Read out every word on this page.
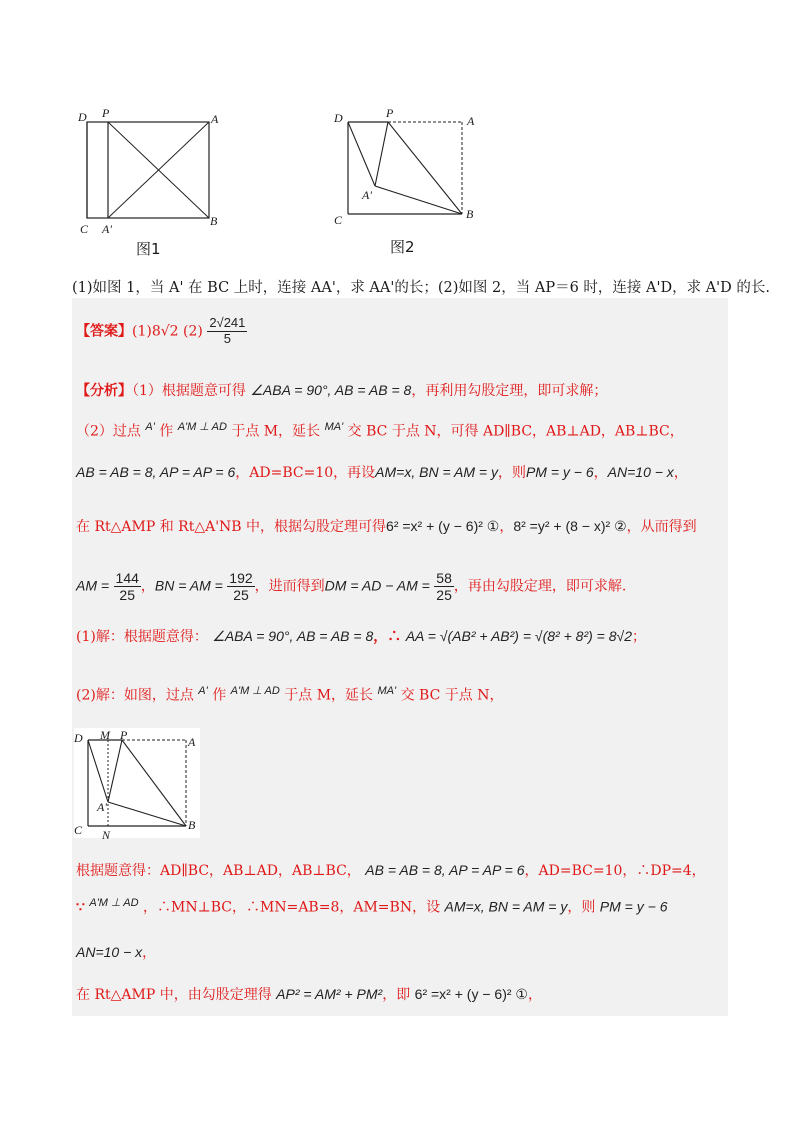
D P	A
C A'
B
图1
D	P
A
A'
C	B
图2
(1)如图 1，当 A' 在 BC 上时，连接 AA'，求 AA'的长；(2)如图 2，当 AP＝6 时，连接 A'D，求 A'D 的长.
【答案】(1)8√2 $(2) \frac{2√241}{5}$
【分析】（1）根据题意可得 ∠ABA = 90°, AB = AB = 8，再利用勾股定理，即可求解；
（2）过点 $^{A'}$ 作 $^{A'M \perp AD}$ 于点 M，延长 $^{MA'}$ 交 BC 于点 N，可得 AD∥BC，AB⊥AD，AB⊥BC，
AB = AB = 8, AP = AP = 6，AD=BC=10，再设AM=x, BN = AM = y，则PM = y − 6，AN=10 − x，
在 Rt△AMP 和 Rt△A'NB 中，根据勾股定理可得6² =x² + (y − 6)² ①，8² =y² + (8 − x)² ②，从而得到
AM = $\frac{144}{25}$ ，BN = AM = $\frac{192}{25}$ ，进而得到DM = AD − AM = $\frac{58}{25}$ ，再由勾股定理，即可求解.
(1)解：根据题意得： ∠ABA = 90°, AB = AB = 8，∴ AA = √(AB² + AB²) = √(8² + 8²) = 8√2；
(2)解：如图，过点 $^{A'}$ 作 $^{A'M \perp AD}$ 于点 M，延长 $^{MA'}$ 交 BC 于点 N，
D M P	A
A'
C N
B
根据题意得：AD∥BC，AB⊥AD，AB⊥BC， AB = AB = 8, AP = AP = 6，AD=BC=10，∴DP=4，
∵ $^{A'M \perp AD}$ ，∴MN⊥BC，∴MN=AB=8，AM=BN，设 AM=x, BN = AM = y，则 PM = y − 6
AN=10 − x，
在 Rt△AMP 中，由勾股定理得 AP² = AM² + PM²，即 6² =x² + (y − 6)² ①，
